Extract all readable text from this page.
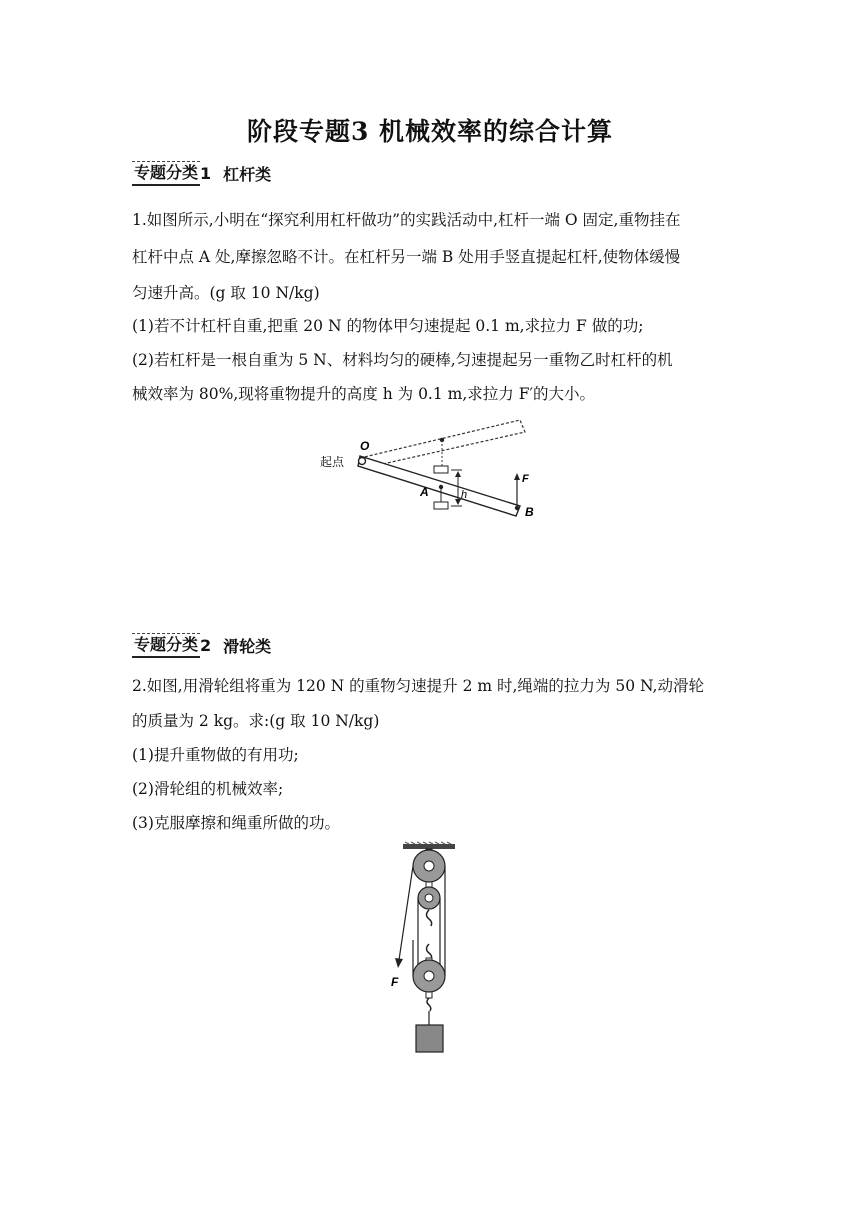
阶段专题3 机械效率的综合计算
专题分类 1 杠杆类
1.如图所示,小明在“探究利用杠杆做功”的实践活动中,杠杆一端 O 固定,重物挂在
杠杆中点 A 处,摩擦忽略不计。在杠杆另一端 B 处用手竖直提起杠杆,使物体缓慢
匀速升高。(g 取 10 N/kg)
(1)若不计杠杆自重,把重 20 N 的物体甲匀速提起 0.1 m,求拉力 F 做的功;
(2)若杠杆是一根自重为 5 N、材料均匀的硬棒,匀速提起另一重物乙时杠杆的机
械效率为 80%,现将重物提升的高度 h 为 0.1 m,求拉力 F′的大小。
起点
O
A
B
F
h
专题分类 2 滑轮类
2.如图,用滑轮组将重为 120 N 的重物匀速提升 2 m 时,绳端的拉力为 50 N,动滑轮
的质量为 2 kg。求:(g 取 10 N/kg)
(1)提升重物做的有用功;
(2)滑轮组的机械效率;
(3)克服摩擦和绳重所做的功。
F
